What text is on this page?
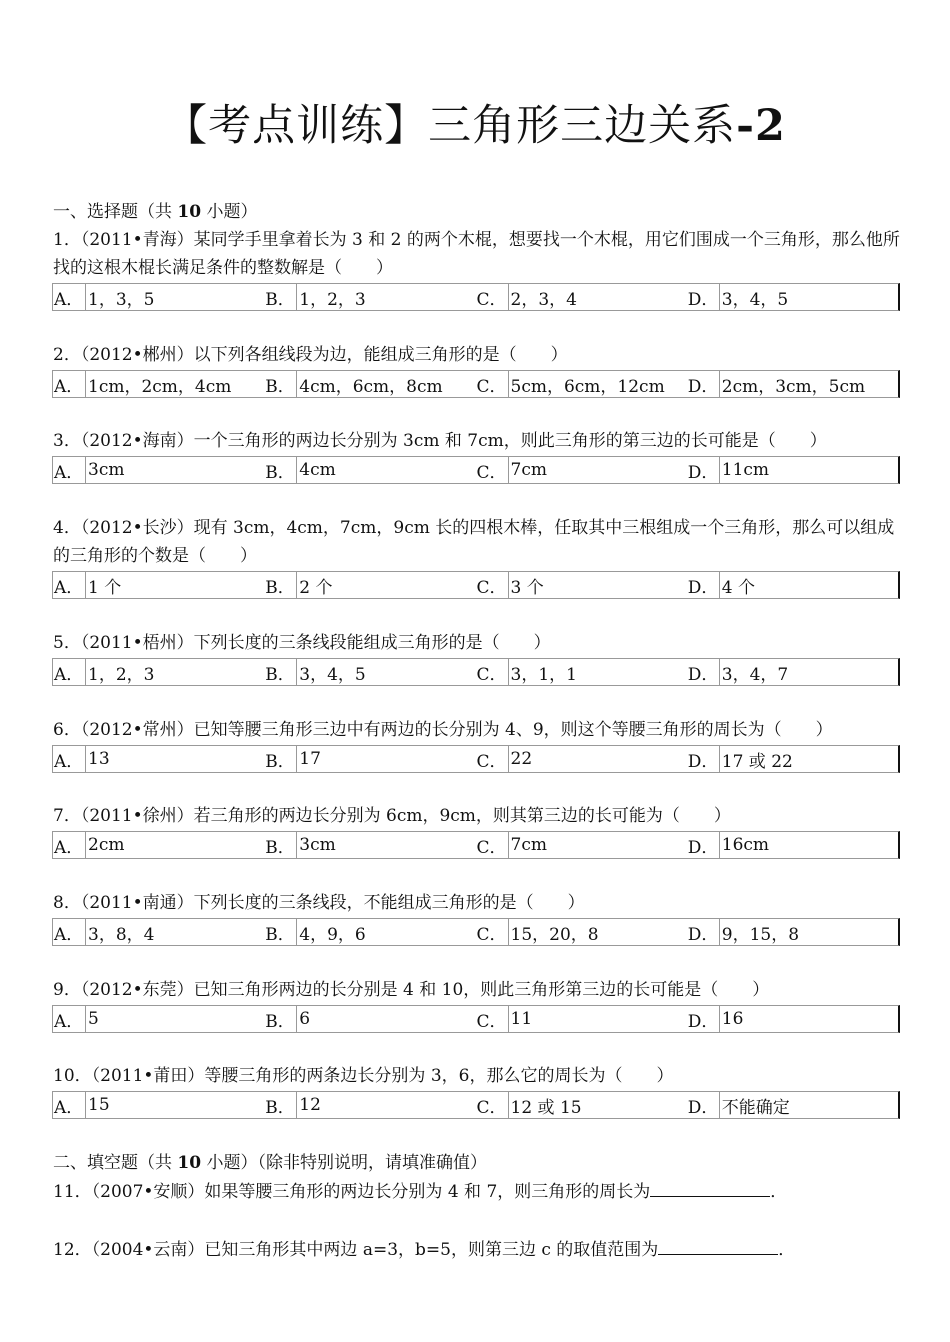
【考点训练】三角形三边关系-2
一、选择题（共 10 小题）
1．（2011•青海）某同学手里拿着长为 3 和 2 的两个木棍，想要找一个木棍，用它们围成一个三角形，那么他所找的这根木棍长满足条件的整数解是（　　）
A． 1，3，5	B． 1，2，3	C． 2，3，4	D． 3，4，5
2．（2012•郴州）以下列各组线段为边，能组成三角形的是（　　）
A． 1cm，2cm，4cm B． 4cm，6cm，8cm C． 5cm，6cm，12cm D． 2cm，3cm，5cm
3．（2012•海南）一个三角形的两边长分别为 3cm 和 7cm，则此三角形的第三边的长可能是（　　）
A． 3cm	B． 4cm	C． 7cm	D． 11cm
4．（2012•长沙）现有 3cm，4cm，7cm，9cm 长的四根木棒，任取其中三根组成一个三角形，那么可以组成的三角形的个数是（　　）
A． 1 个	B． 2 个	C． 3 个	D． 4 个
5．（2011•梧州）下列长度的三条线段能组成三角形的是（　　）
A． 1，2，3	B． 3，4，5	C． 3，1，1	D． 3，4，7
6．（2012•常州）已知等腰三角形三边中有两边的长分别为 4、9，则这个等腰三角形的周长为（　　）
A． 13	B． 17	C． 22	D． 17 或 22
7．（2011•徐州）若三角形的两边长分别为 6cm，9cm，则其第三边的长可能为（　　）
A． 2cm	B． 3cm	C． 7cm	D． 16cm
8．（2011•南通）下列长度的三条线段，不能组成三角形的是（　　）
A． 3，8，4	B． 4，9，6	C． 15，20，8	D． 9，15，8
9．（2012•东莞）已知三角形两边的长分别是 4 和 10，则此三角形第三边的长可能是（　　）
A． 5	B． 6	C． 11	D． 16
10．（2011•莆田）等腰三角形的两条边长分别为 3，6，那么它的周长为（　　）
A． 15	B． 12	C． 12 或 15	D． 不能确定
二、填空题（共 10 小题）（除非特别说明，请填准确值）
11．（2007•安顺）如果等腰三角形的两边长分别为 4 和 7，则三角形的周长为	．
12．（2004•云南）已知三角形其中两边 a=3，b=5，则第三边 c 的取值范围为	．
